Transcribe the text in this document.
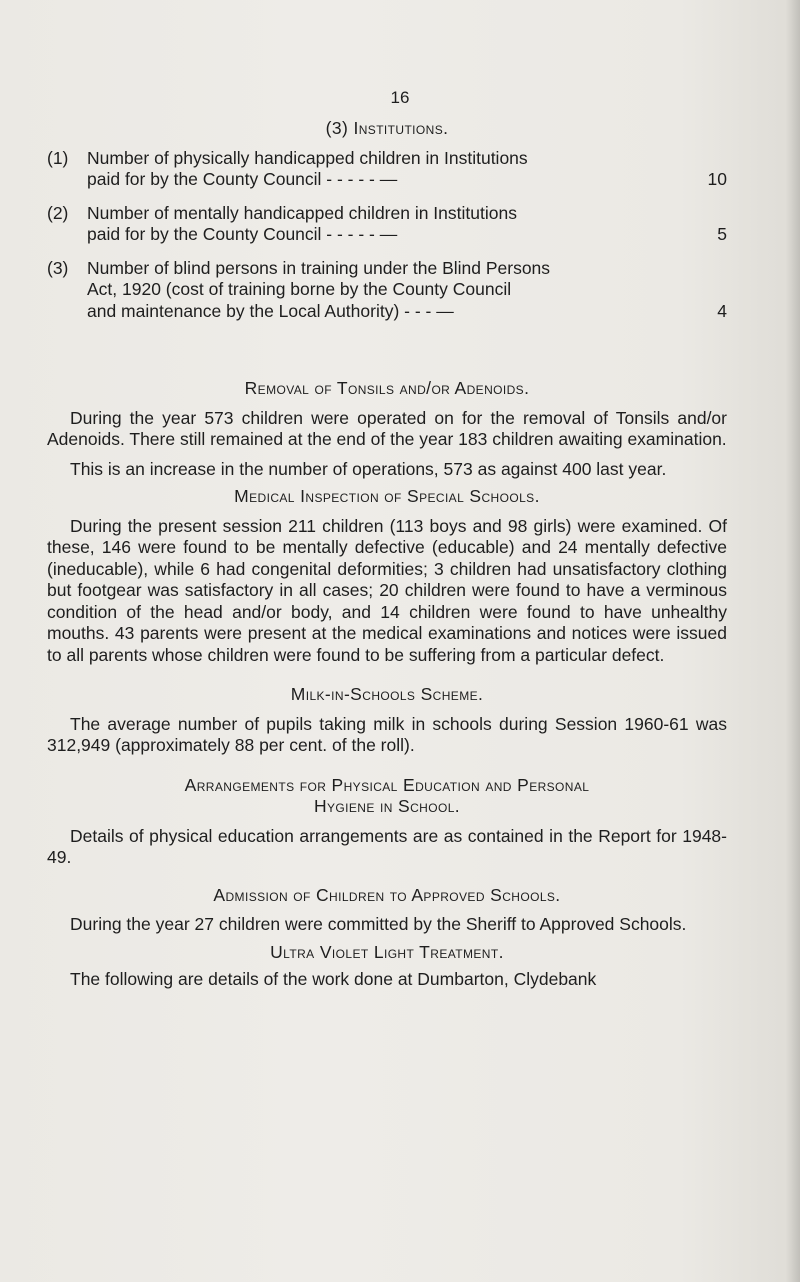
16
(3) Institutions.
(1)	Number of physically handicapped children in Institutions
paid for by the County Council - - - - - —	10
(2)	Number of mentally handicapped children in Institutions
paid for by the County Council - - - - - —	5
(3)	Number of blind persons in training under the Blind Persons
Act, 1920 (cost of training borne by the County Council
and maintenance by the Local Authority) - - - —	4
Removal of Tonsils and/or Adenoids.

During the year 573 children were operated on for the removal of Tonsils and/or Adenoids. There still remained at the end of the year 183 children awaiting examination.

This is an increase in the number of operations, 573 as against 400 last year.

Medical Inspection of Special Schools.

During the present session 211 children (113 boys and 98 girls) were examined. Of these, 146 were found to be mentally defective (educable) and 24 mentally defective (ineducable), while 6 had congenital deformities; 3 children had unsatisfactory clothing but footgear was satisfactory in all cases; 20 children were found to have a verminous condition of the head and/or body, and 14 children were found to have unhealthy mouths. 43 parents were present at the medical examinations and notices were issued to all parents whose children were found to be suffering from a particular defect.

Milk-in-Schools Scheme.

The average number of pupils taking milk in schools during Session 1960-61 was 312,949 (approximately 88 per cent. of the roll).

Arrangements for Physical Education and Personal
Hygiene in School.

Details of physical education arrangements are as contained in the Report for 1948-49.

Admission of Children to Approved Schools.

During the year 27 children were committed by the Sheriff to Approved Schools.

Ultra Violet Light Treatment.

The following are details of the work done at Dumbarton, Clydebank
